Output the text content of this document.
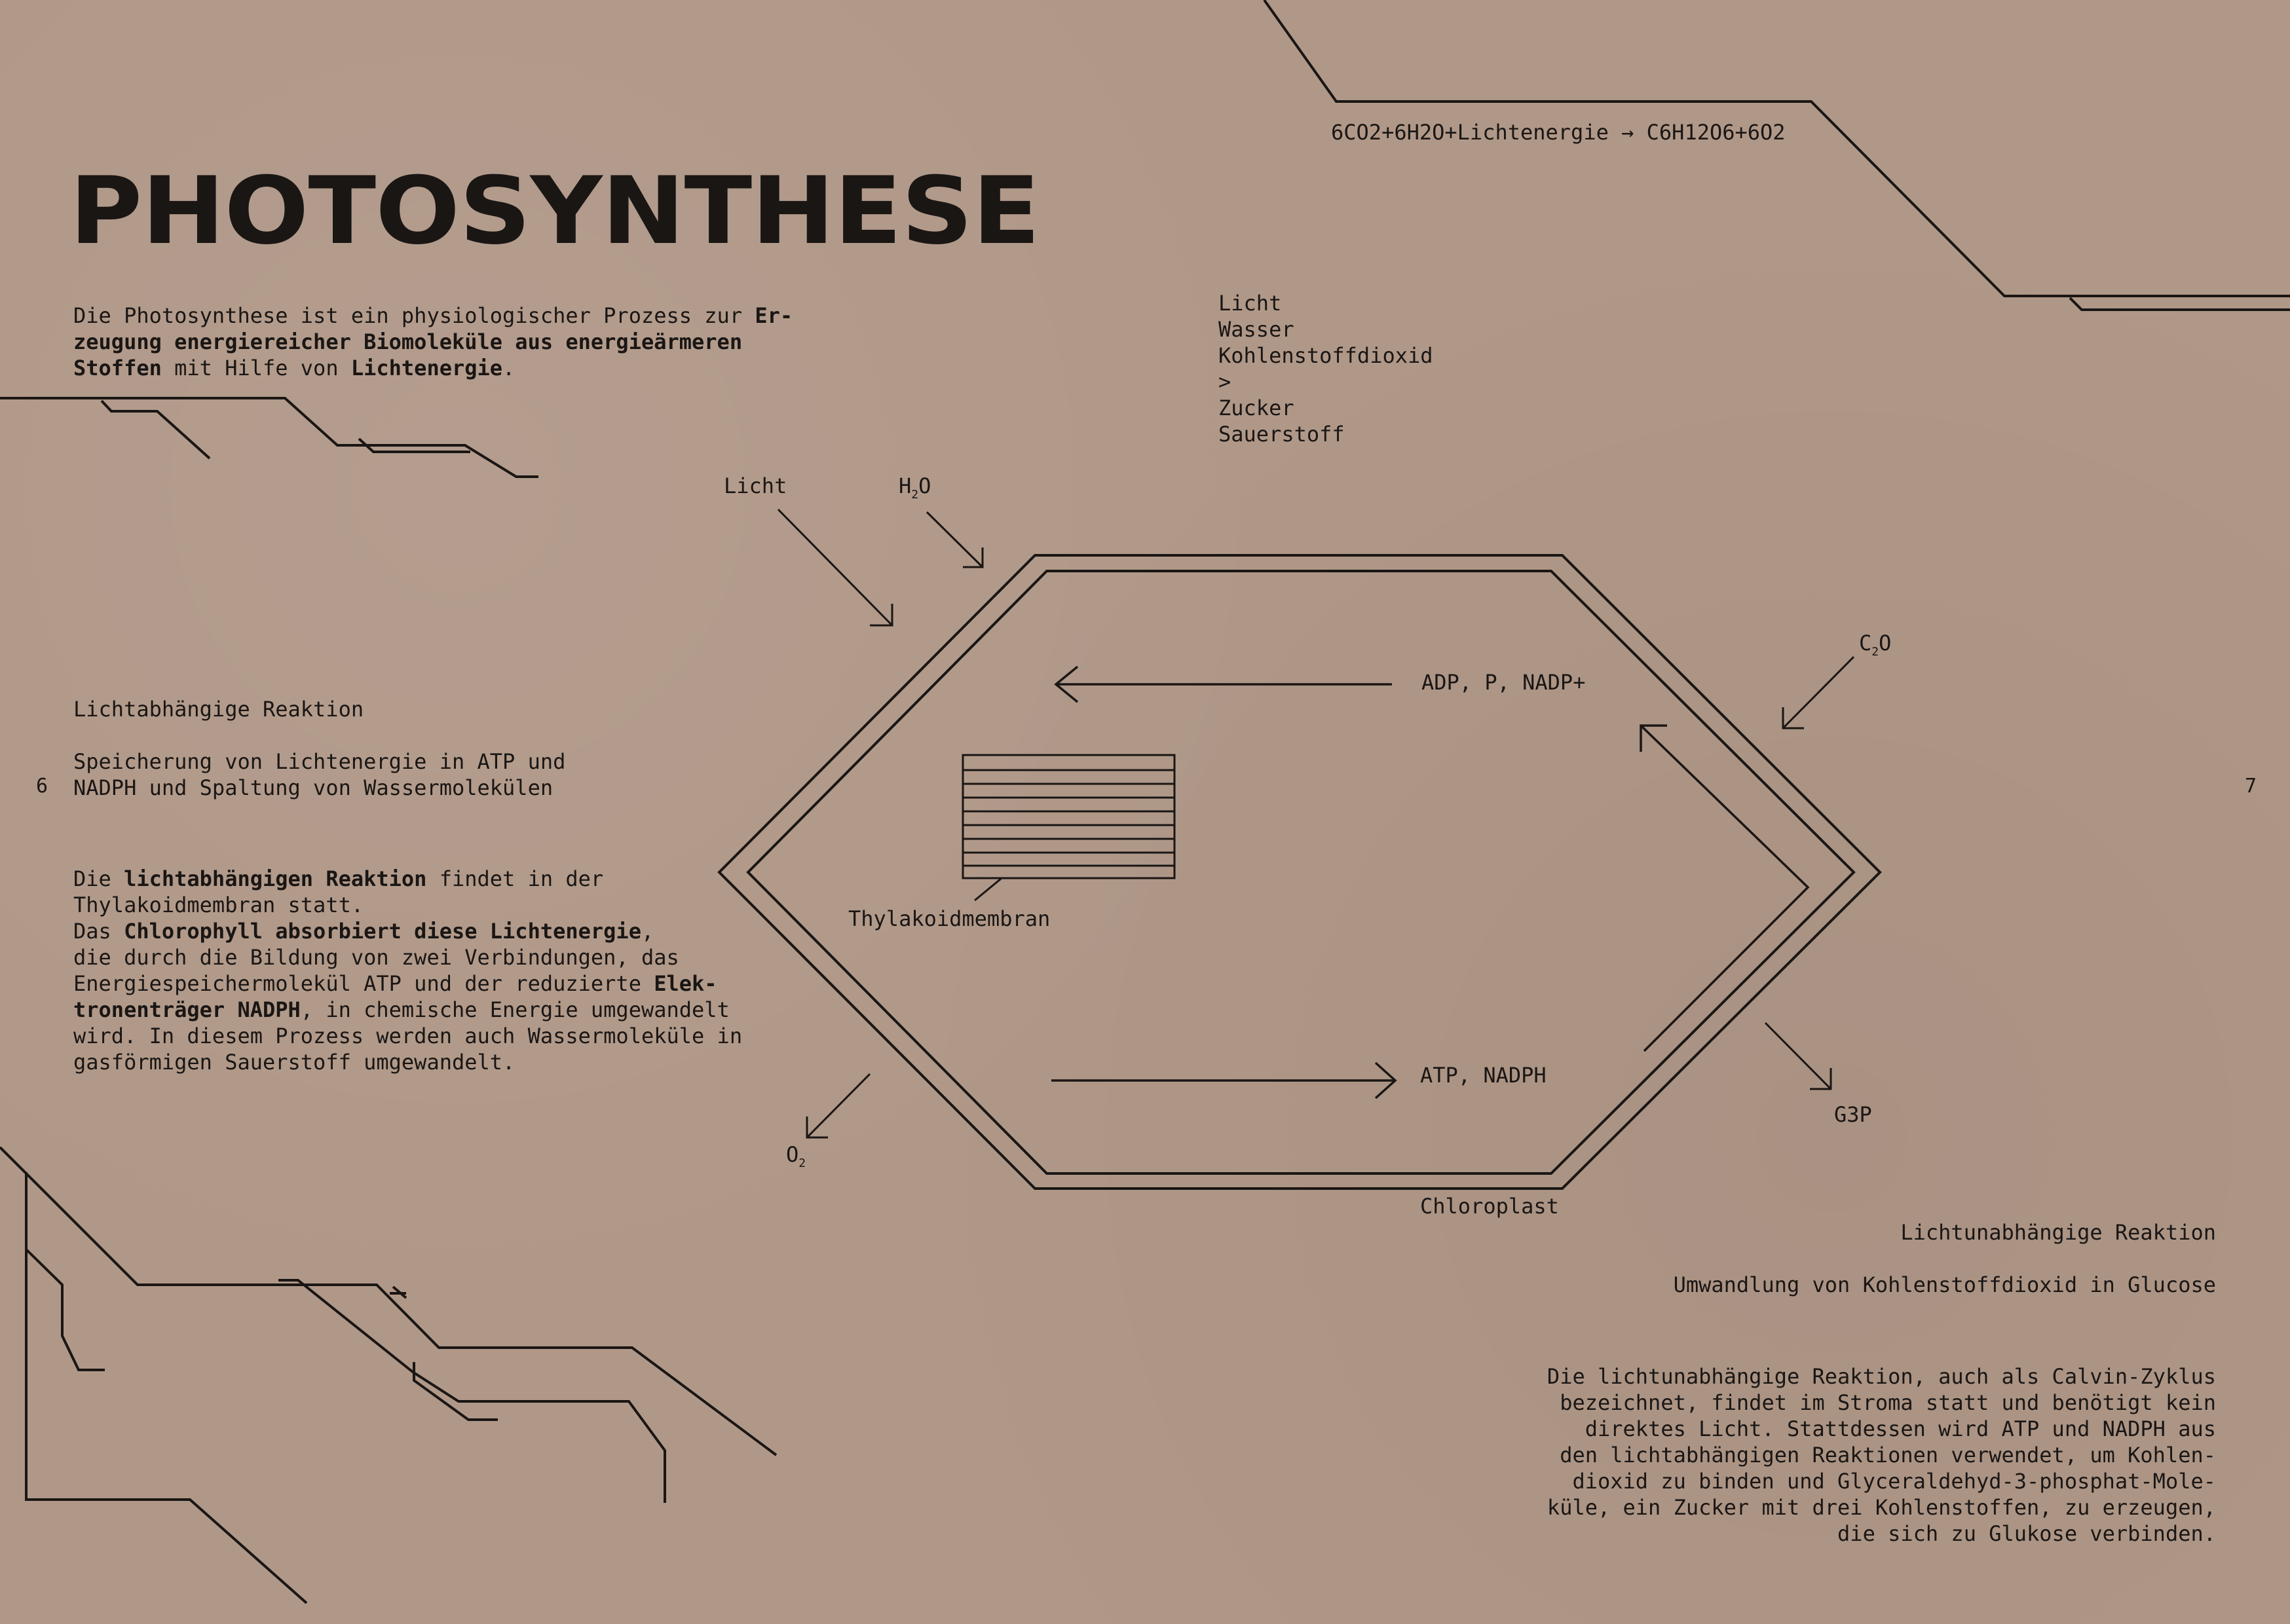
PHOTOSYNTHESE

6CO2+6H2O+Lichtenergie → C6H12O6+6O2

Die Photosynthese ist ein physiologischer Prozess zur Er-
zeugung energiereicher Biomoleküle aus energieärmeren
Stoffen mit Hilfe von Lichtenergie.
Licht
Wasser
Kohlenstoffdioxid
>
Zucker
Sauerstoff

Licht	$H_2O$

$C_2O$

ADP, P, NADP+

ATP, NADPH

Thylakoidmembran

Chloroplast

G3P

$O_2$

Lichtabhängige Reaktion

Speicherung von Lichtenergie in ATP und
NADPH und Spaltung von Wassermolekülen
Die lichtabhängigen Reaktion findet in der
Thylakoidmembran statt.
Das Chlorophyll absorbiert diese Lichtenergie,
die durch die Bildung von zwei Verbindungen, das
Energiespeichermolekül ATP und der reduzierte Elek-
tronenträger NADPH, in chemische Energie umgewandelt
wird. In diesem Prozess werden auch Wassermoleküle in
gasförmigen Sauerstoff umgewandelt.

Lichtunabhängige Reaktion

Umwandlung von Kohlenstoffdioxid in Glucose

Die lichtunabhängige Reaktion, auch als Calvin-Zyklus
bezeichnet, findet im Stroma statt und benötigt kein
direktes Licht. Stattdessen wird ATP und NADPH aus
den lichtabhängigen Reaktionen verwendet, um Kohlen-
dioxid zu binden und Glyceraldehyd-3-phosphat-Mole-
küle, ein Zucker mit drei Kohlenstoffen, zu erzeugen,
die sich zu Glukose verbinden.
6	7
